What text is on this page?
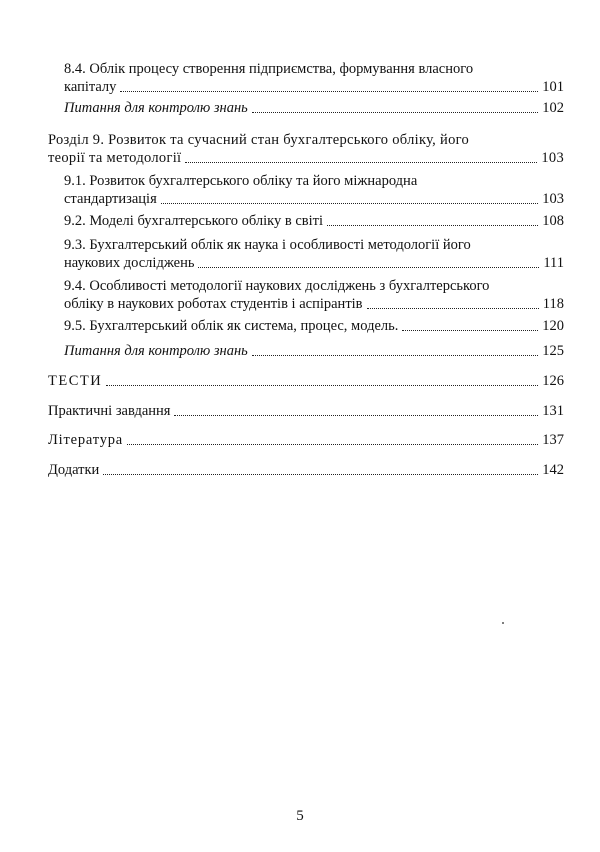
8.4. Облік процесу створення підприємства, формування власного
капіталу	101
Питання для контролю знань	102
Розділ 9. Розвиток та сучасний стан бухгалтерського обліку, його
теорії та методології	103
9.1. Розвиток бухгалтерського обліку та його міжнародна
стандартизація	103
9.2. Моделі бухгалтерського обліку в світі	108
9.3. Бухгалтерський облік як наука і особливості методології його
наукових досліджень	111
9.4. Особливості методології наукових досліджень з бухгалтерського
обліку в наукових роботах студентів і аспірантів	118
9.5. Бухгалтерський облік як система, процес, модель.	120
Питання для контролю знань	125
ТЕСТИ	126
Практичні завдання	131
Література	137
Додатки	142
5
